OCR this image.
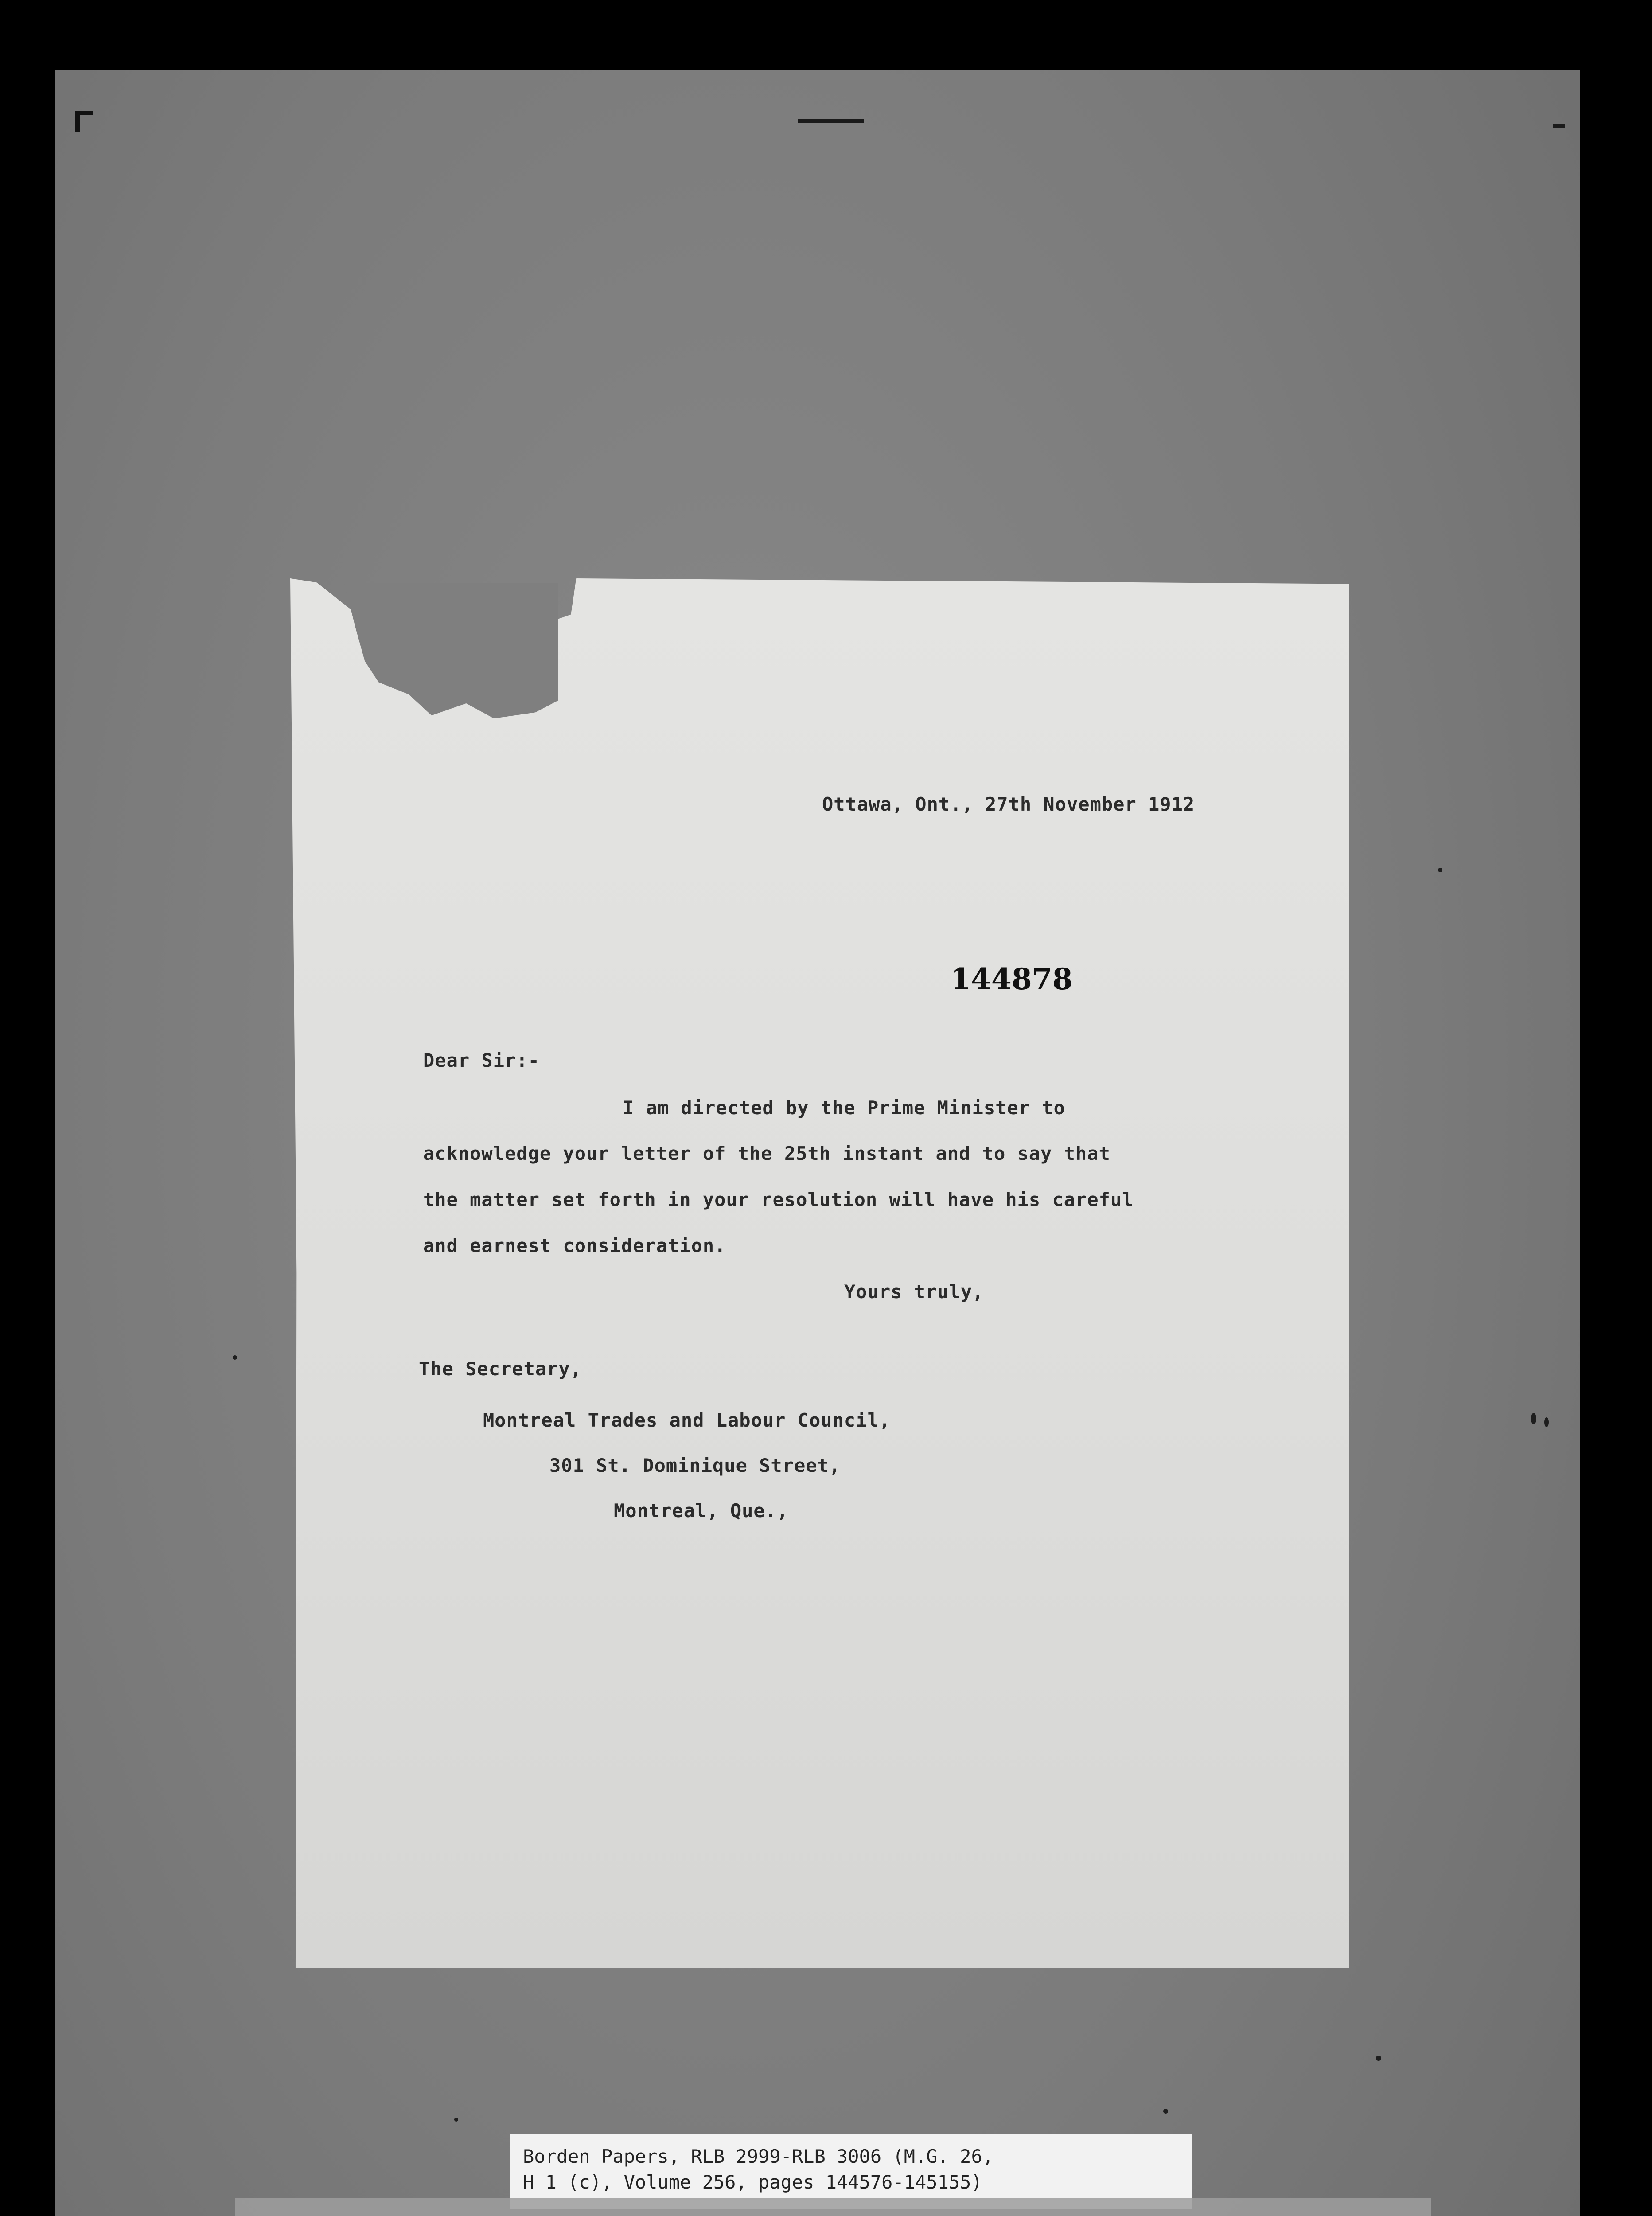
Ottawa, Ont., 27th November 1912

144878

Dear Sir:-

I am directed by the Prime Minister to

acknowledge your letter of the 25th instant and to say that

the matter set forth in your resolution will have his careful

and earnest consideration.

Yours truly,

The Secretary,

Montreal Trades and Labour Council,

301 St. Dominique Street,

Montreal, Que.,

Borden Papers, RLB 2999-RLB 3006 (M.G. 26,
H 1 (c), Volume 256, pages 144576-145155)
